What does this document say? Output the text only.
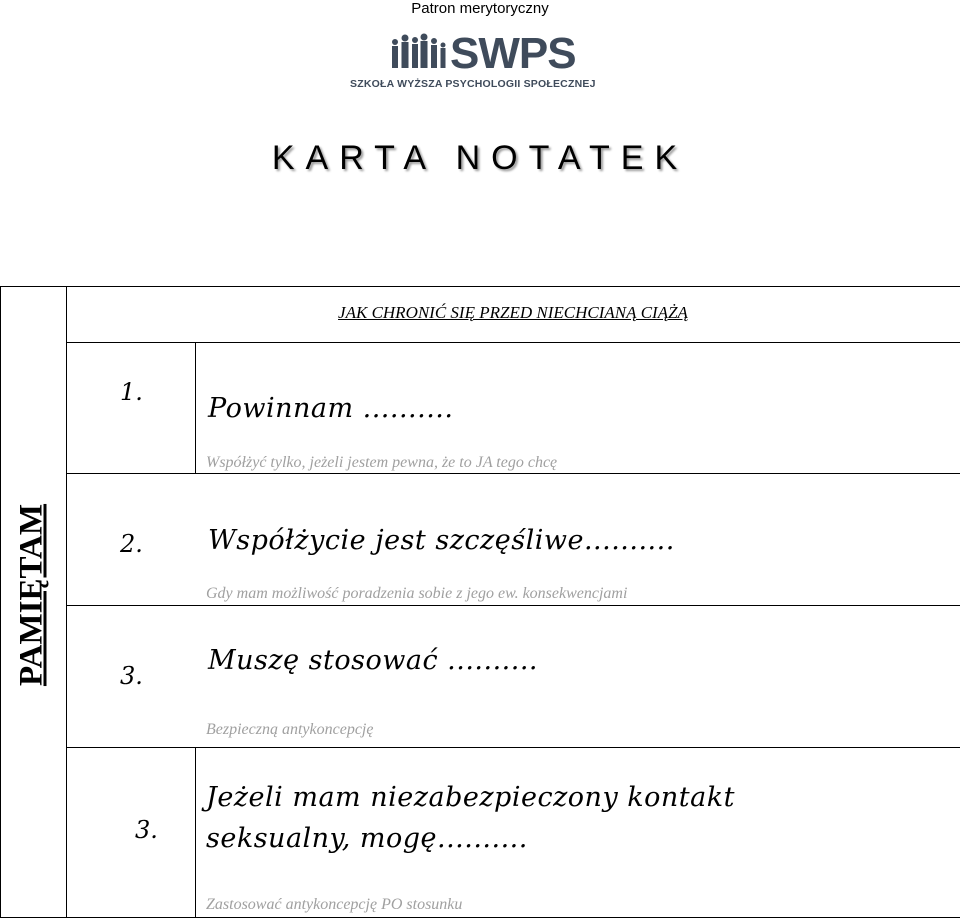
Patron merytoryczny
SWPS
SZKOŁA WYŻSZA PSYCHOLOGII SPOŁECZNEJ
KARTA NOTATEK
PAMIĘTAM
JAK CHRONIĆ SIĘ PRZED NIECHCIANĄ CIĄŻĄ
1.
Powinnam ..........
Współżyć tylko, jeżeli jestem pewna, że to JA tego chcę
2. Współżycie jest szczęśliwe..........
Gdy mam możliwość poradzenia sobie z jego ew. konsekwencjami
3. Muszę stosować ..........
Bezpieczną antykoncepcję
3.
Jeżeli mam niezabezpieczony kontakt
seksualny, mogę..........
Zastosować antykoncepcję PO stosunku
